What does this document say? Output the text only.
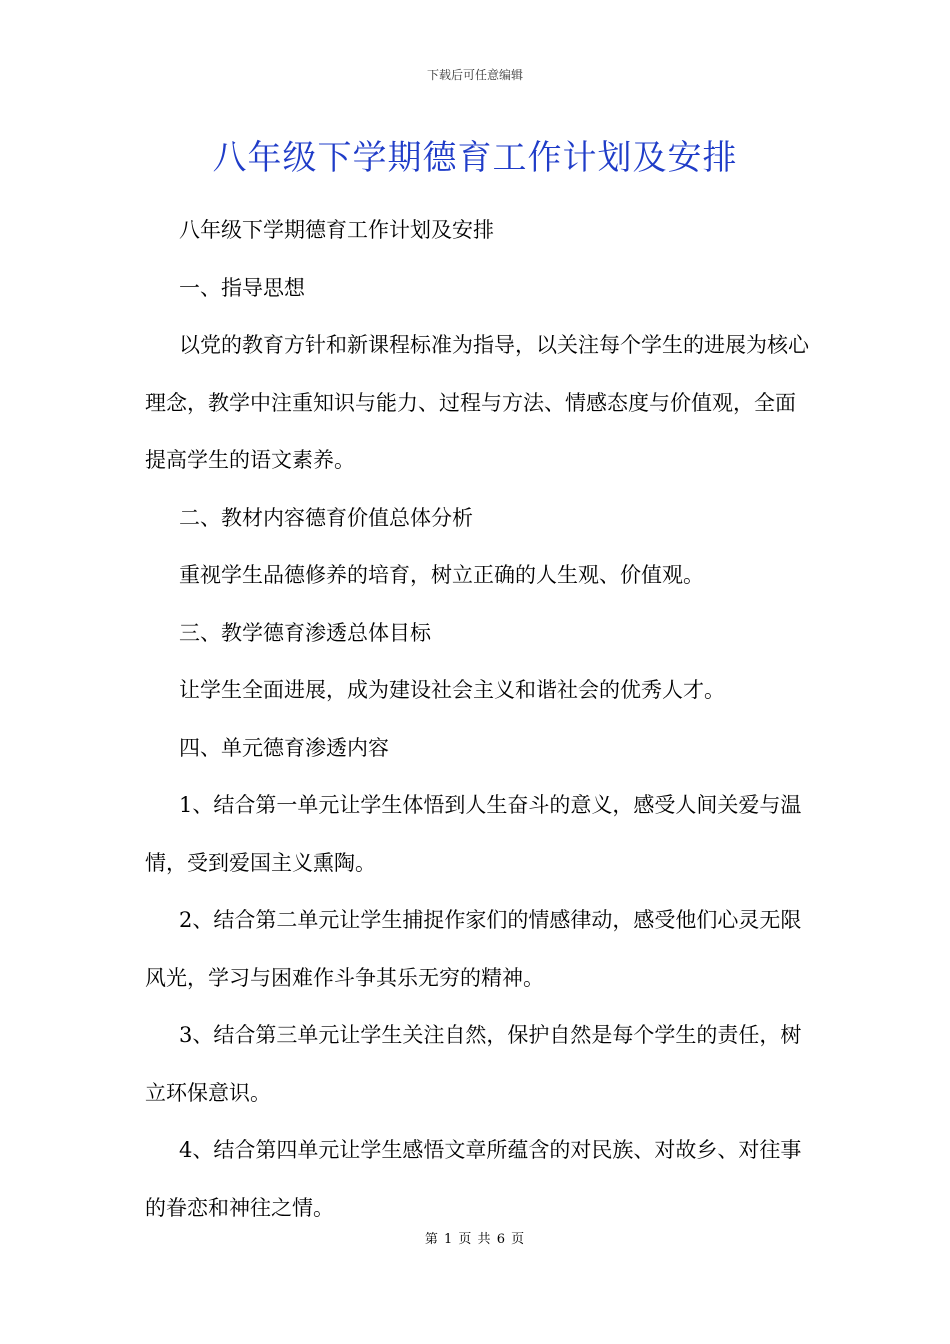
下载后可任意编辑
八年级下学期德育工作计划及安排

八年级下学期德育工作计划及安排

一、指导思想

以党的教育方针和新课程标准为指导，以关注每个学生的进展为核心理念，教学中注重知识与能力、过程与方法、情感态度与价值观，全面提高学生的语文素养。

二、教材内容德育价值总体分析

重视学生品德修养的培育，树立正确的人生观、价值观。

三、教学德育渗透总体目标

让学生全面进展，成为建设社会主义和谐社会的优秀人才。

四、单元德育渗透内容

1、结合第一单元让学生体悟到人生奋斗的意义，感受人间关爱与温情，受到爱国主义熏陶。

2、结合第二单元让学生捕捉作家们的情感律动，感受他们心灵无限风光，学习与困难作斗争其乐无穷的精神。

3、结合第三单元让学生关注自然，保护自然是每个学生的责任，树立环保意识。

4、结合第四单元让学生感悟文章所蕴含的对民族、对故乡、对往事的眷恋和神往之情。

第 1 页 共 6 页
